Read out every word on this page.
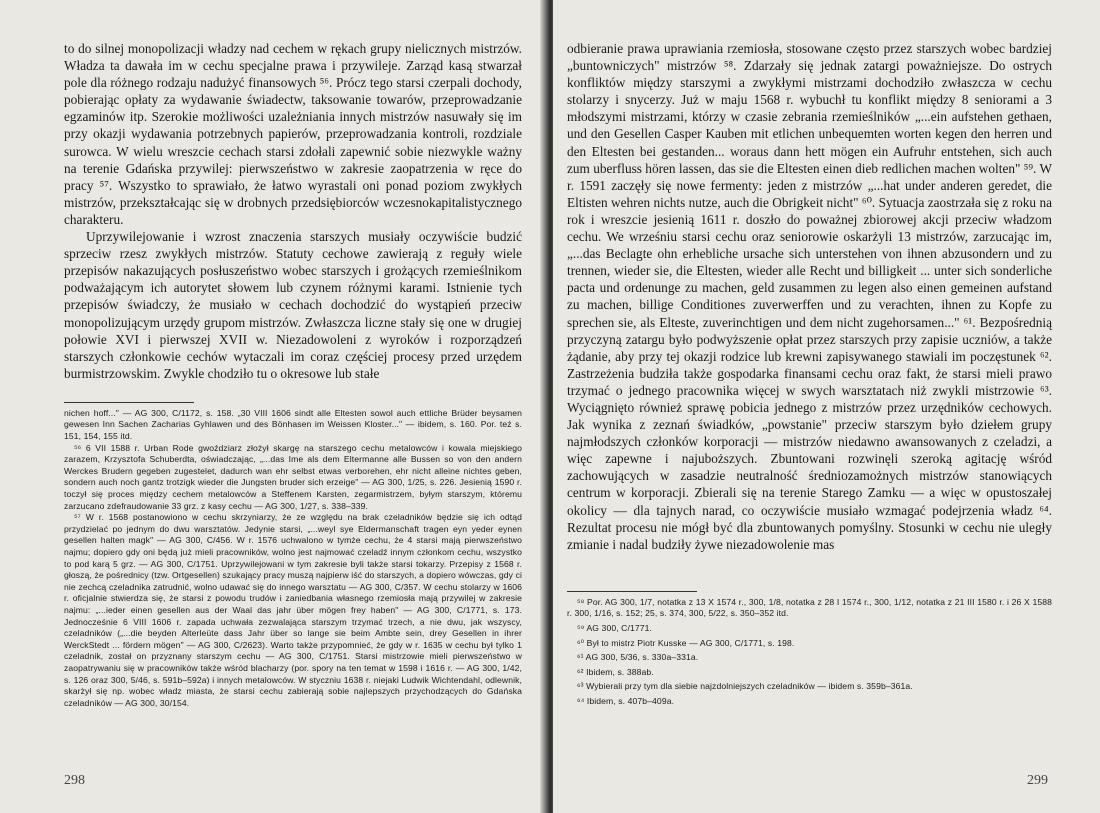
to do silnej monopolizacji władzy nad cechem w rękach grupy nielicznych mistrzów. Władza ta dawała im w cechu specjalne prawa i przywileje. Zarząd kasą stwarzał pole dla różnego rodzaju nadużyć finansowych ⁵⁶. Prócz tego starsi czerpali dochody, pobierając opłaty za wydawanie świadectw, taksowanie towarów, przeprowadzanie egzaminów itp. Szerokie możliwości uzależniania innych mistrzów nasuwały się im przy okazji wydawania potrzebnych papierów, przeprowadzania kontroli, rozdziale surowca. W wielu wreszcie cechach starsi zdołali zapewnić sobie niezwykle ważny na terenie Gdańska przywilej: pierwszeństwo w zakresie zaopatrzenia w ręce do pracy ⁵⁷. Wszystko to sprawiało, że łatwo wyrastali oni ponad poziom zwykłych mistrzów, przekształcając się w drobnych przedsiębiorców wczesnokapitalistycznego charakteru.

Uprzywilejowanie i wzrost znaczenia starszych musiały oczywiście budzić sprzeciw rzesz zwykłych mistrzów. Statuty cechowe zawierają z reguły wiele przepisów nakazujących posłuszeństwo wobec starszych i grożących rzemieślnikom podważającym ich autorytet słowem lub czynem różnymi karami. Istnienie tych przepisów świadczy, że musiało w cechach dochodzić do wystąpień przeciw monopolizującym urzędy grupom mistrzów. Zwłaszcza liczne stały się one w drugiej połowie XVI i pierwszej XVII w. Niezadowoleni z wyroków i rozporządzeń starszych członkowie cechów wytaczali im coraz częściej procesy przed urzędem burmistrzowskim. Zwykle chodziło tu o okresowe lub stałe

nichen hoff..." — AG 300, C/1172, s. 158. „30 VIII 1606 sindt alle Eltesten sowol auch ettliche Brüder beysamen gewesen Inn Sachen Zacharias Gyhlawen und des Bönhasen im Weissen Kloster..." — ibidem, s. 160. Por. też s. 151, 154, 155 itd.

⁵⁶ 6 VII 1588 r. Urban Rode gwoździarz złożył skargę na starszego cechu metalowców i kowala miejskiego zarazem, Krzysztofa Schuberdta, oświadczając, „...das Ime als dem Eltermanne alle Bussen so von den andern Werckes Brudern gegeben zugestelet, dadurch wan ehr selbst etwas verborehen, ehr nicht alleine nichtes geben, sondern auch noch gantz trotzigk wieder die Jungsten bruder sich erzeige" — AG 300, 1/25, s. 226. Jesienią 1590 r. toczył się proces między cechem metalowców a Steffenem Karsten, zegarmistrzem, byłym starszym, któremu zarzucano zdefraudowanie 33 grz. z kasy cechu — AG 300, 1/27, s. 338–339.

⁵⁷ W r. 1568 postanowiono w cechu skrzyniarzy, że ze względu na brak czeladników będzie się ich odtąd przydzielać po jednym do dwu warsztatów. Jedynie starsi, „...weyl sye Eldermanschaft tragen eyn yeder eynen gesellen halten magk" — AG 300, C/456. W r. 1576 uchwalono w tymże cechu, że 4 starsi mają pierwszeństwo najmu; dopiero gdy oni będą już mieli pracowników, wolno jest najmować czeladź innym członkom cechu, wszystko to pod karą 5 grz. — AG 300, C/1751. Uprzywilejowani w tym zakresie byli także starsi tokarzy. Przepisy z 1568 r. głoszą, że pośrednicy (tzw. Ortgesellen) szukający pracy muszą najpierw iść do starszych, a dopiero wówczas, gdy ci nie zechcą czeladnika zatrudnić, wolno udawać się do innego warsztatu — AG 300, C/357. W cechu stolarzy w 1606 r. oficjalnie stwierdza się, że starsi z powodu trudów i zaniedbania własnego rzemiosła mają przywilej w zakresie najmu: „...ieder einen gesellen aus der Waal das jahr über mögen frey haben" — AG 300, C/1771, s. 173. Jednocześnie 6 VIII 1606 r. zapada uchwała zezwalająca starszym trzymać trzech, a nie dwu, jak wszyscy, czeladników („...die beyden Alterleüte dass Jahr über so lange sie beim Ambte sein, drey Gesellen in ihrer WerckStedt ... fördern mögen" — AG 300, C/2623). Warto także przypomnieć, że gdy w r. 1635 w cechu był tylko 1 czeladnik, został on przyznany starszym cechu — AG 300, C/1751. Starsi mistrzowie mieli pierwszeństwo w zaopatrywaniu się w pracowników także wśród blacharzy (por. spory na ten temat w 1598 i 1616 r. — AG 300, 1/42, s. 126 oraz 300, 5/46, s. 591b–592a) i innych metalowców. W styczniu 1638 r. niejaki Ludwik Wichtendahl, odlewnik, skarżył się np. wobec władz miasta, że starsi cechu zabierają sobie najlepszych przychodzących do Gdańska czeladników — AG 300, 30/154.

298

odbieranie prawa uprawiania rzemiosła, stosowane często przez starszych wobec bardziej „buntowniczych" mistrzów ⁵⁸. Zdarzały się jednak zatargi poważniejsze. Do ostrych konfliktów między starszymi a zwykłymi mistrzami dochodziło zwłaszcza w cechu stolarzy i snycerzy. Już w maju 1568 r. wybuchł tu konflikt między 8 seniorami a 3 młodszymi mistrzami, którzy w czasie zebrania rzemieślników „...ein aufstehen gethaen, und den Gesellen Casper Kauben mit etlichen unbequemten worten kegen den herren und den Eltesten bei gestanden... woraus dann hett mögen ein Aufruhr entstehen, sich auch zum uberfluss hören lassen, das sie die Eltesten einen dieb redlichen machen wolten" ⁵⁹. W r. 1591 zaczęły się nowe fermenty: jeden z mistrzów „...hat under anderen geredet, die Eltisten wehren nichts nutze, auch die Obrigkeit nicht" ⁶⁰. Sytuacja zaostrzała się z roku na rok i wreszcie jesienią 1611 r. doszło do poważnej zbiorowej akcji przeciw władzom cechu. We wrześniu starsi cechu oraz seniorowie oskarżyli 13 mistrzów, zarzucając im, „...das Beclagte ohn erhebliche ursache sich unterstehen von ihnen abzusondern und zu trennen, wieder sie, die Eltesten, wieder alle Recht und billigkeit ... unter sich sonderliche pacta und ordenunge zu machen, geld zusammen zu legen also einen gemeinen aufstand zu machen, billige Conditiones zuverwerffen und zu verachten, ihnen zu Kopfe zu sprechen sie, als Elteste, zuverinchtigen und dem nicht zugehorsamen..." ⁶¹. Bezpośrednią przyczyną zatargu było podwyższenie opłat przez starszych przy zapisie uczniów, a także żądanie, aby przy tej okazji rodzice lub krewni zapisywanego stawiali im poczęstunek ⁶². Zastrzeżenia budziła także gospodarka finansami cechu oraz fakt, że starsi mieli prawo trzymać o jednego pracownika więcej w swych warsztatach niż zwykli mistrzowie ⁶³. Wyciągnięto również sprawę pobicia jednego z mistrzów przez urzędników cechowych. Jak wynika z zeznań świadków, „powstanie" przeciw starszym było dziełem grupy najmłodszych członków korporacji — mistrzów niedawno awansowanych z czeladzi, a więc zapewne i najuboższych. Zbuntowani rozwinęli szeroką agitację wśród zachowujących w zasadzie neutralność średniozamożnych mistrzów stanowiących centrum w korporacji. Zbierali się na terenie Starego Zamku — a więc w opustoszałej okolicy — dla tajnych narad, co oczywiście musiało wzmagać podejrzenia władz ⁶⁴. Rezultat procesu nie mógł być dla zbuntowanych pomyślny. Stosunki w cechu nie uległy zmianie i nadal budziły żywe niezadowolenie mas

⁵⁸ Por. AG 300, 1/7, notatka z 13 X 1574 r., 300, 1/8, notatka z 28 I 1574 r., 300, 1/12, notatka z 21 III 1580 r. i 26 X 1588 r. 300, 1/16, s. 152; 25, s. 374, 300, 5/22, s. 350–352 itd.

⁵⁹ AG 300, C/1771.

⁶⁰ Był to mistrz Piotr Kusske — AG 300, C/1771, s. 198.

⁶¹ AG 300, 5/36, s. 330a–331a.

⁶² Ibidem, s. 388ab.

⁶³ Wybierali przy tym dla siebie najzdolniejszych czeladników — ibidem s. 359b–361a.

⁶⁴ Ibidem, s. 407b–409a.

299
